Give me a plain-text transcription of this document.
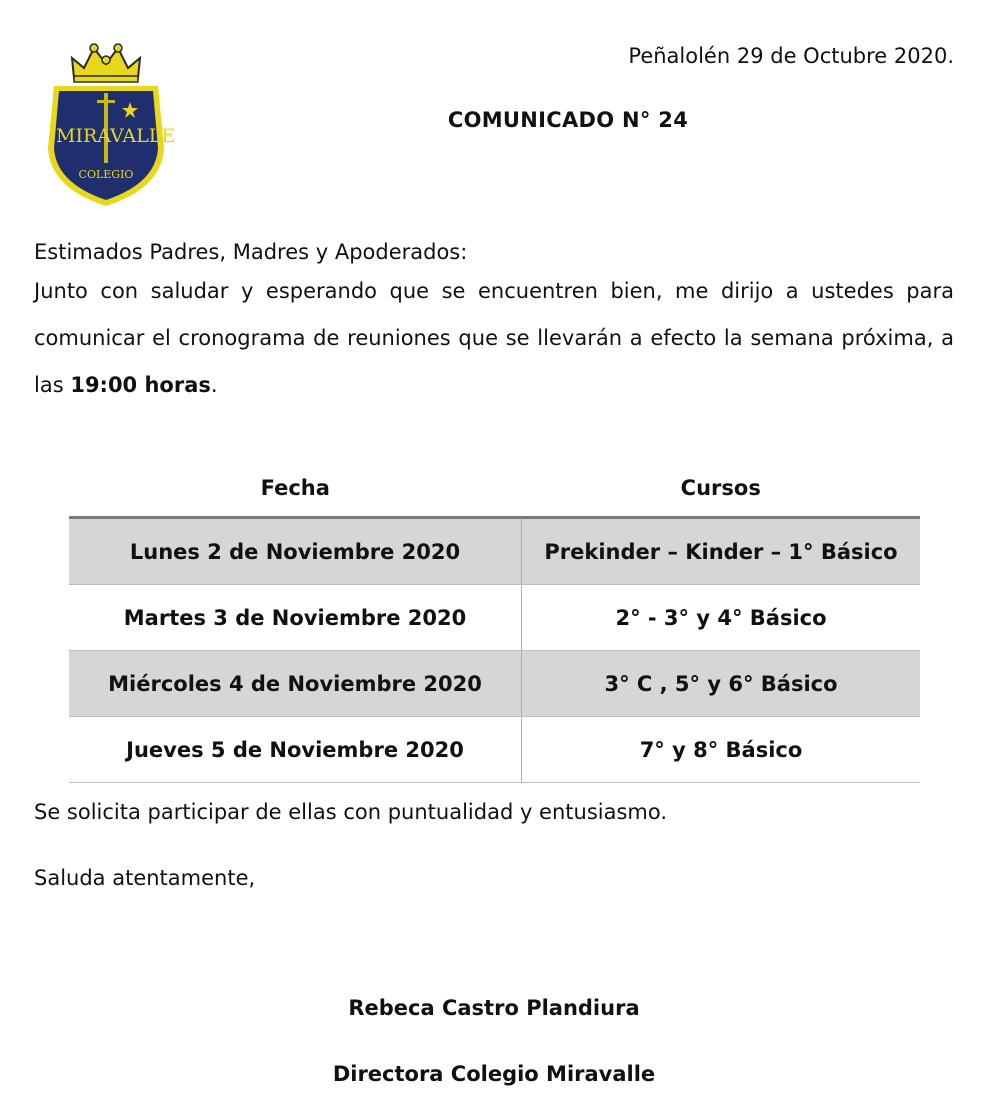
MIRA VALLE
COLEGIO
Peñalolén 29 de Octubre 2020.
COMUNICADO N° 24
Estimados Padres, Madres y Apoderados:
Junto con saludar y esperando que se encuentren bien, me dirijo a ustedes para comunicar el cronograma de reuniones que se llevarán a efecto la semana próxima, a las 19:00 horas.
Fecha	Cursos
Lunes 2 de Noviembre 2020	Prekinder – Kinder – 1° Básico
Martes 3 de Noviembre 2020	2° - 3° y 4° Básico
Miércoles 4 de Noviembre 2020	3° C , 5° y 6° Básico
Jueves 5 de Noviembre 2020	7° y 8° Básico
Se solicita participar de ellas con puntualidad y entusiasmo.
Saluda atentamente,
Rebeca Castro Plandiura
Directora Colegio Miravalle
